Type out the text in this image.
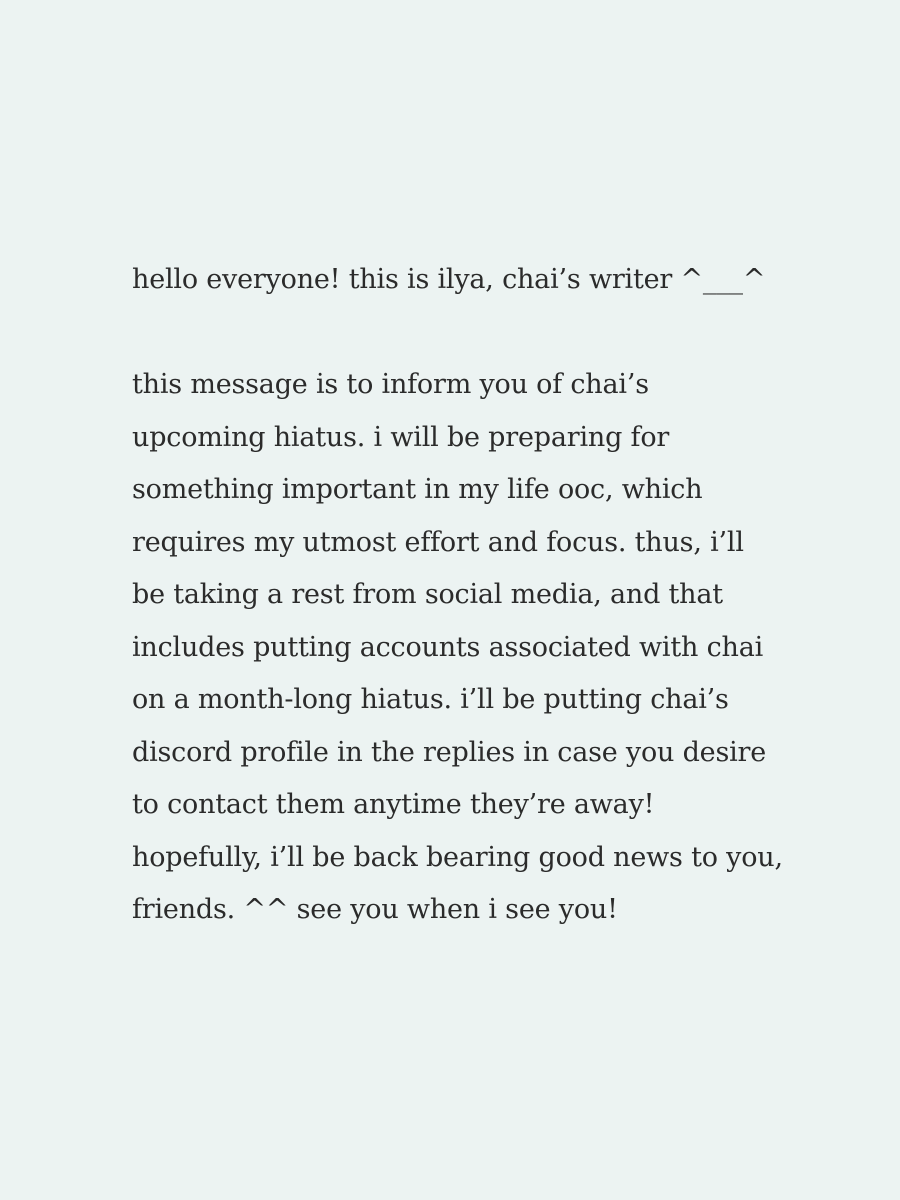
hello everyone! this is ilya, chai’s writer ^___^
this message is to inform you of chai’s
upcoming hiatus. i will be preparing for
something important in my life ooc, which
requires my utmost effort and focus. thus, i’ll
be taking a rest from social media, and that
includes putting accounts associated with chai
on a month-long hiatus. i’ll be putting chai’s
discord profile in the replies in case you desire
to contact them anytime they’re away!
hopefully, i’ll be back bearing good news to you,
friends. ^^ see you when i see you!
